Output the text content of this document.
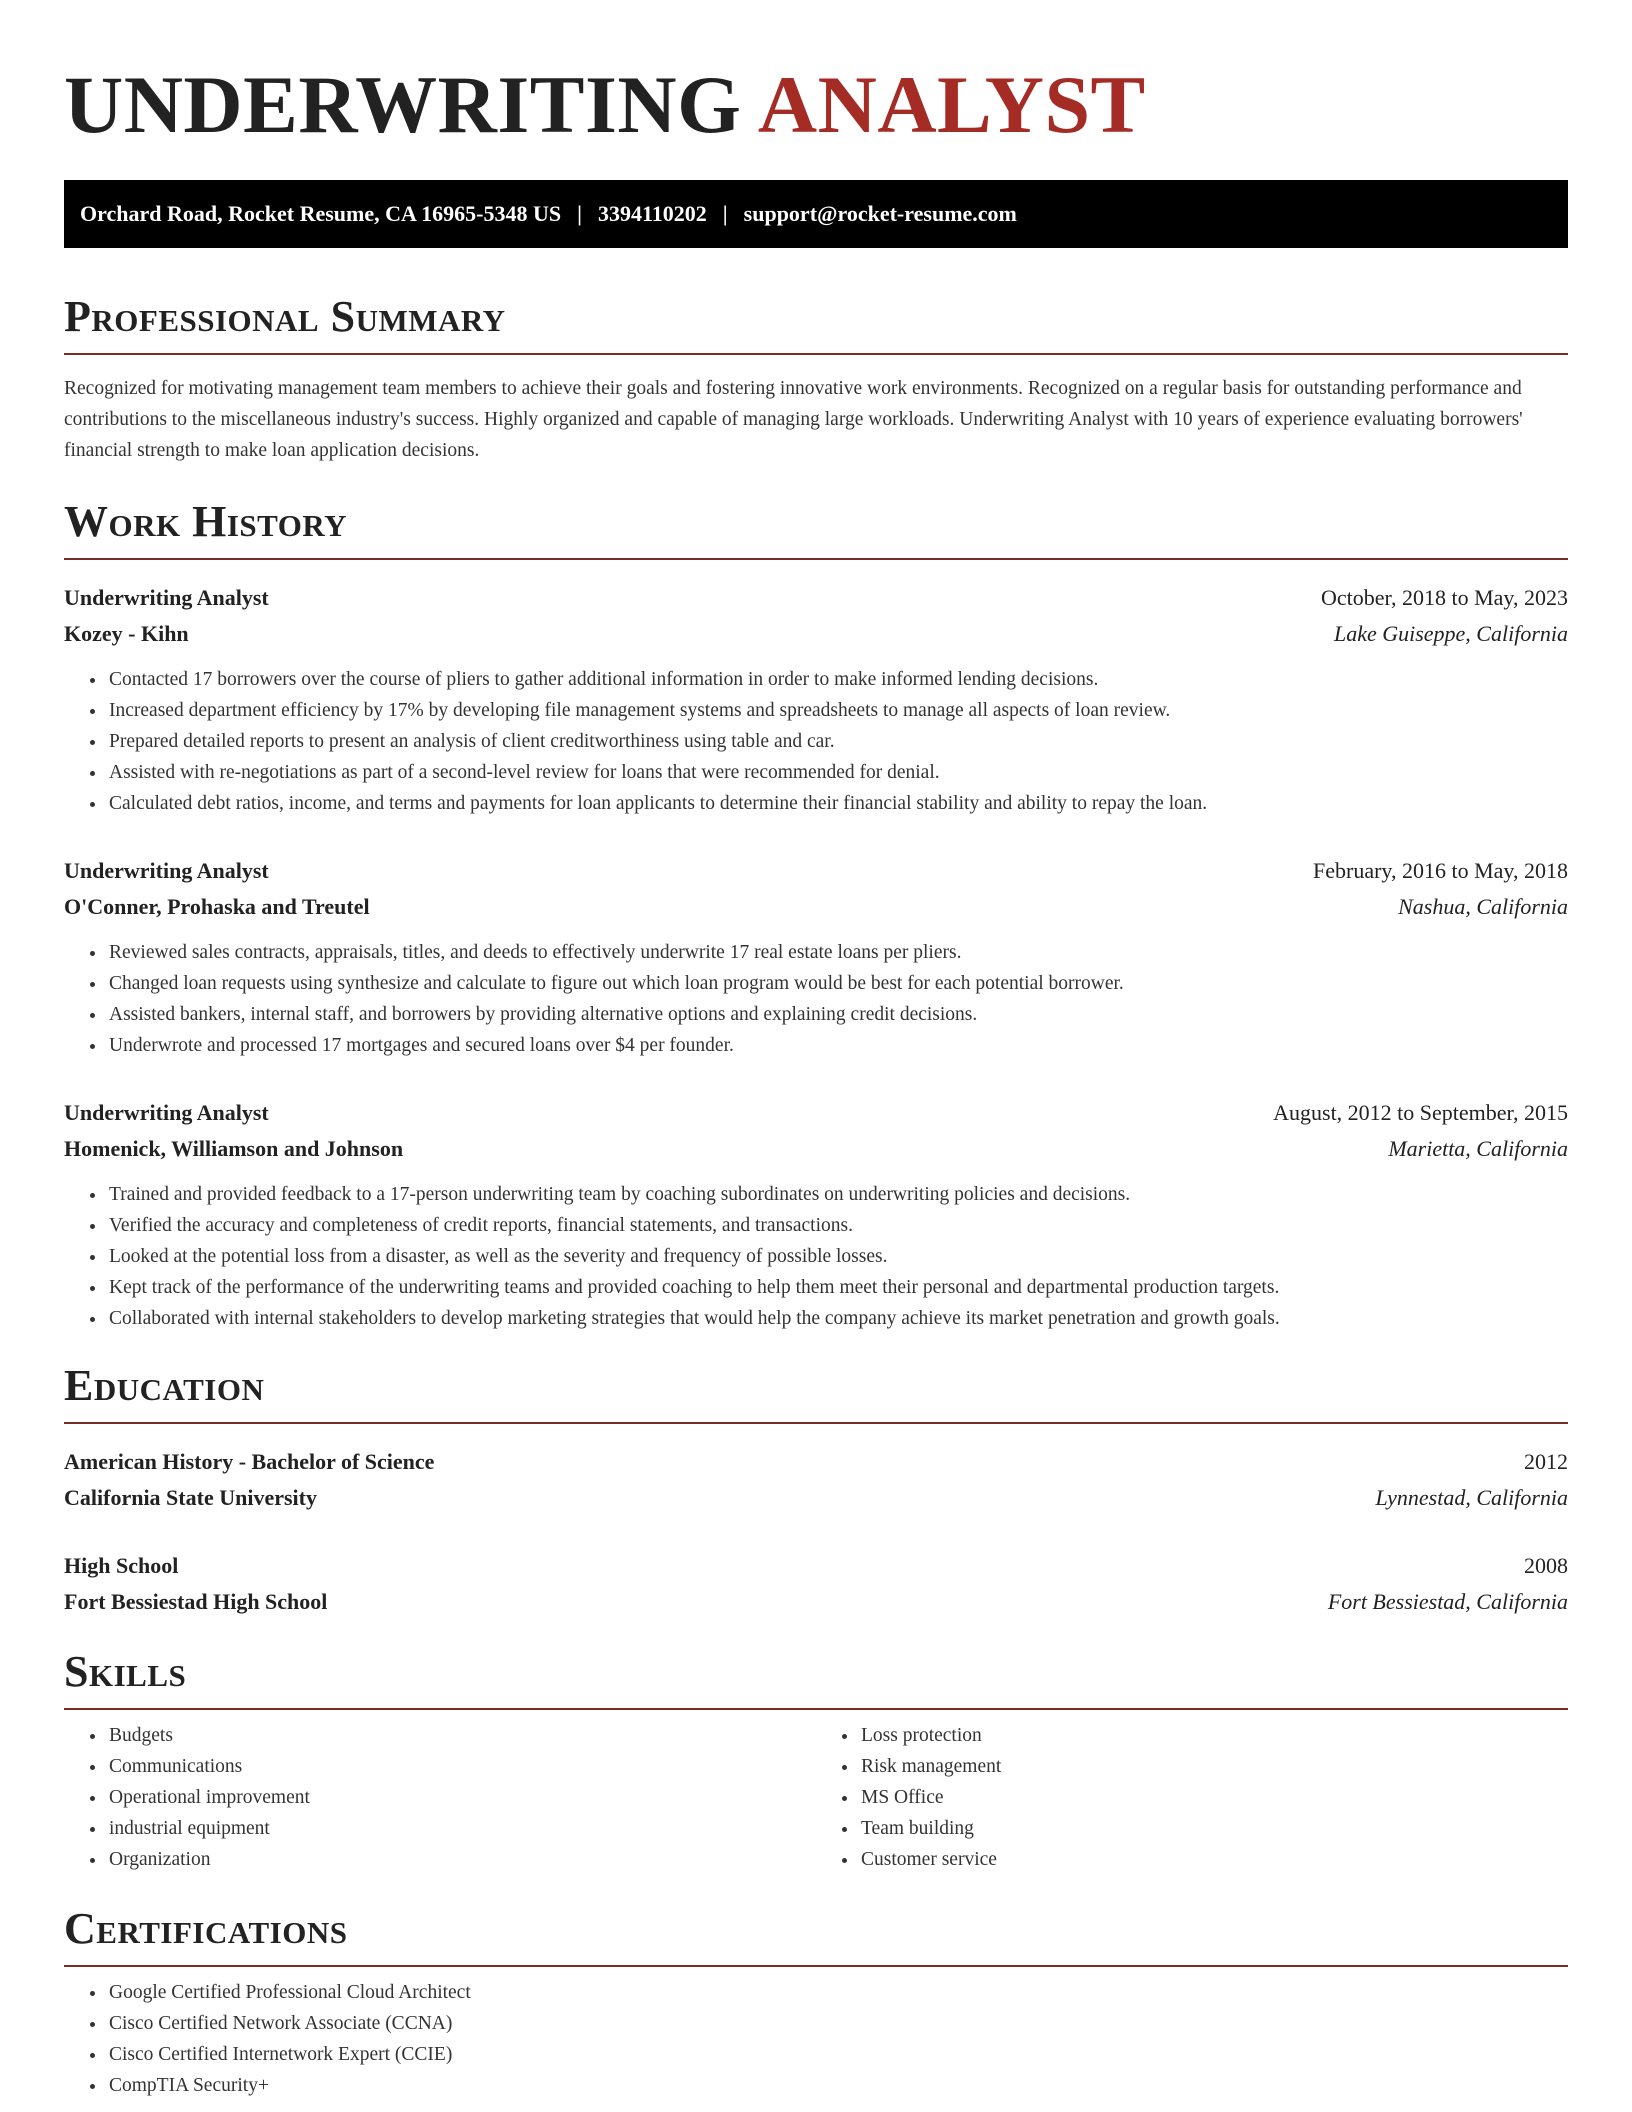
UNDERWRITING ANALYST
Orchard Road, Rocket Resume, CA 16965-5348 US | 3394110202 | support@rocket-resume.com
Professional Summary

Recognized for motivating management team members to achieve their goals and fostering innovative work environments. Recognized on a regular basis for outstanding performance and contributions to the miscellaneous industry's success. Highly organized and capable of managing large workloads. Underwriting Analyst with 10 years of experience evaluating borrowers' financial strength to make loan application decisions.

Work History
Underwriting Analyst	October, 2018 to May, 2023
Kozey - Kihn	Lake Guiseppe, California
• Contacted 17 borrowers over the course of pliers to gather additional information in order to make informed lending decisions.
• Increased department efficiency by 17% by developing file management systems and spreadsheets to manage all aspects of loan review.
• Prepared detailed reports to present an analysis of client creditworthiness using table and car.
• Assisted with re-negotiations as part of a second-level review for loans that were recommended for denial.
• Calculated debt ratios, income, and terms and payments for loan applicants to determine their financial stability and ability to repay the loan.
Underwriting Analyst	February, 2016 to May, 2018
O'Conner, Prohaska and Treutel	Nashua, California
• Reviewed sales contracts, appraisals, titles, and deeds to effectively underwrite 17 real estate loans per pliers.
• Changed loan requests using synthesize and calculate to figure out which loan program would be best for each potential borrower.
• Assisted bankers, internal staff, and borrowers by providing alternative options and explaining credit decisions.
• Underwrote and processed 17 mortgages and secured loans over $4 per founder.
Underwriting Analyst	August, 2012 to September, 2015
Homenick, Williamson and Johnson	Marietta, California
• Trained and provided feedback to a 17-person underwriting team by coaching subordinates on underwriting policies and decisions.
• Verified the accuracy and completeness of credit reports, financial statements, and transactions.
• Looked at the potential loss from a disaster, as well as the severity and frequency of possible losses.
• Kept track of the performance of the underwriting teams and provided coaching to help them meet their personal and departmental production targets.
• Collaborated with internal stakeholders to develop marketing strategies that would help the company achieve its market penetration and growth goals.
Education
American History - Bachelor of Science	2012
California State University	Lynnestad, California
High School	2008
Fort Bessiestad High School	Fort Bessiestad, California
Skills
• Budgets
• Communications
• Operational improvement
• industrial equipment
• Organization
• Loss protection
• Risk management
• MS Office
• Team building
• Customer service
Certifications
• Google Certified Professional Cloud Architect
• Cisco Certified Network Associate (CCNA)
• Cisco Certified Internetwork Expert (CCIE)
• CompTIA Security+
